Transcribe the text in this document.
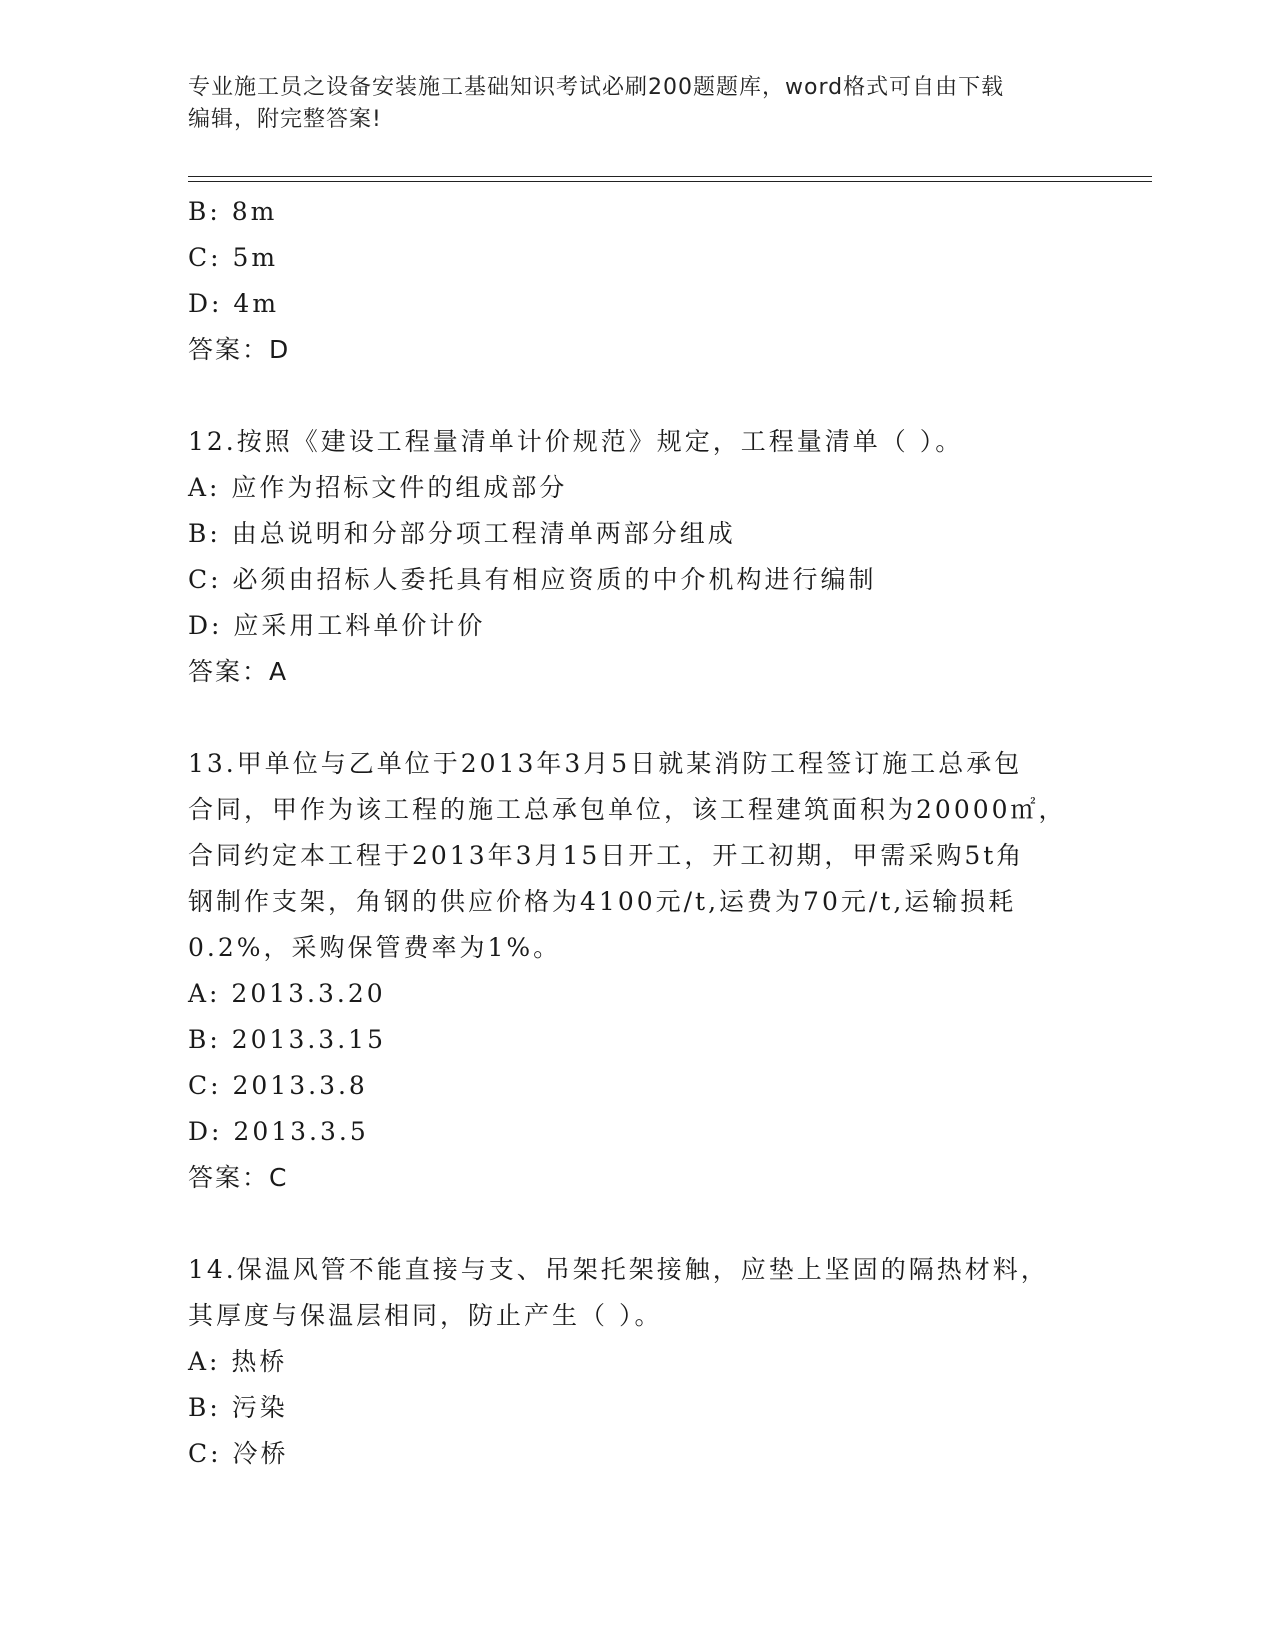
专业施工员之设备安装施工基础知识考试必刷200题题库，word格式可自由下载
编辑，附完整答案!
B: 8m
C: 5m
D: 4m
答案：D
12.按照《建设工程量清单计价规范》规定，工程量清单（ ）。
A: 应作为招标文件的组成部分
B: 由总说明和分部分项工程清单两部分组成
C: 必须由招标人委托具有相应资质的中介机构进行编制
D: 应采用工料单价计价
答案：A
13.甲单位与乙单位于2013年3月5日就某消防工程签订施工总承包
合同，甲作为该工程的施工总承包单位，该工程建筑面积为20000㎡，
合同约定本工程于2013年3月15日开工，开工初期，甲需采购5t角
钢制作支架，角钢的供应价格为4100元/t,运费为70元/t,运输损耗
0.2%，采购保管费率为1%。
A: 2013.3.20
B: 2013.3.15
C: 2013.3.8
D: 2013.3.5
答案：C
14.保温风管不能直接与支、吊架托架接触，应垫上坚固的隔热材料，
其厚度与保温层相同，防止产生（ ）。
A: 热桥
B: 污染
C: 冷桥
